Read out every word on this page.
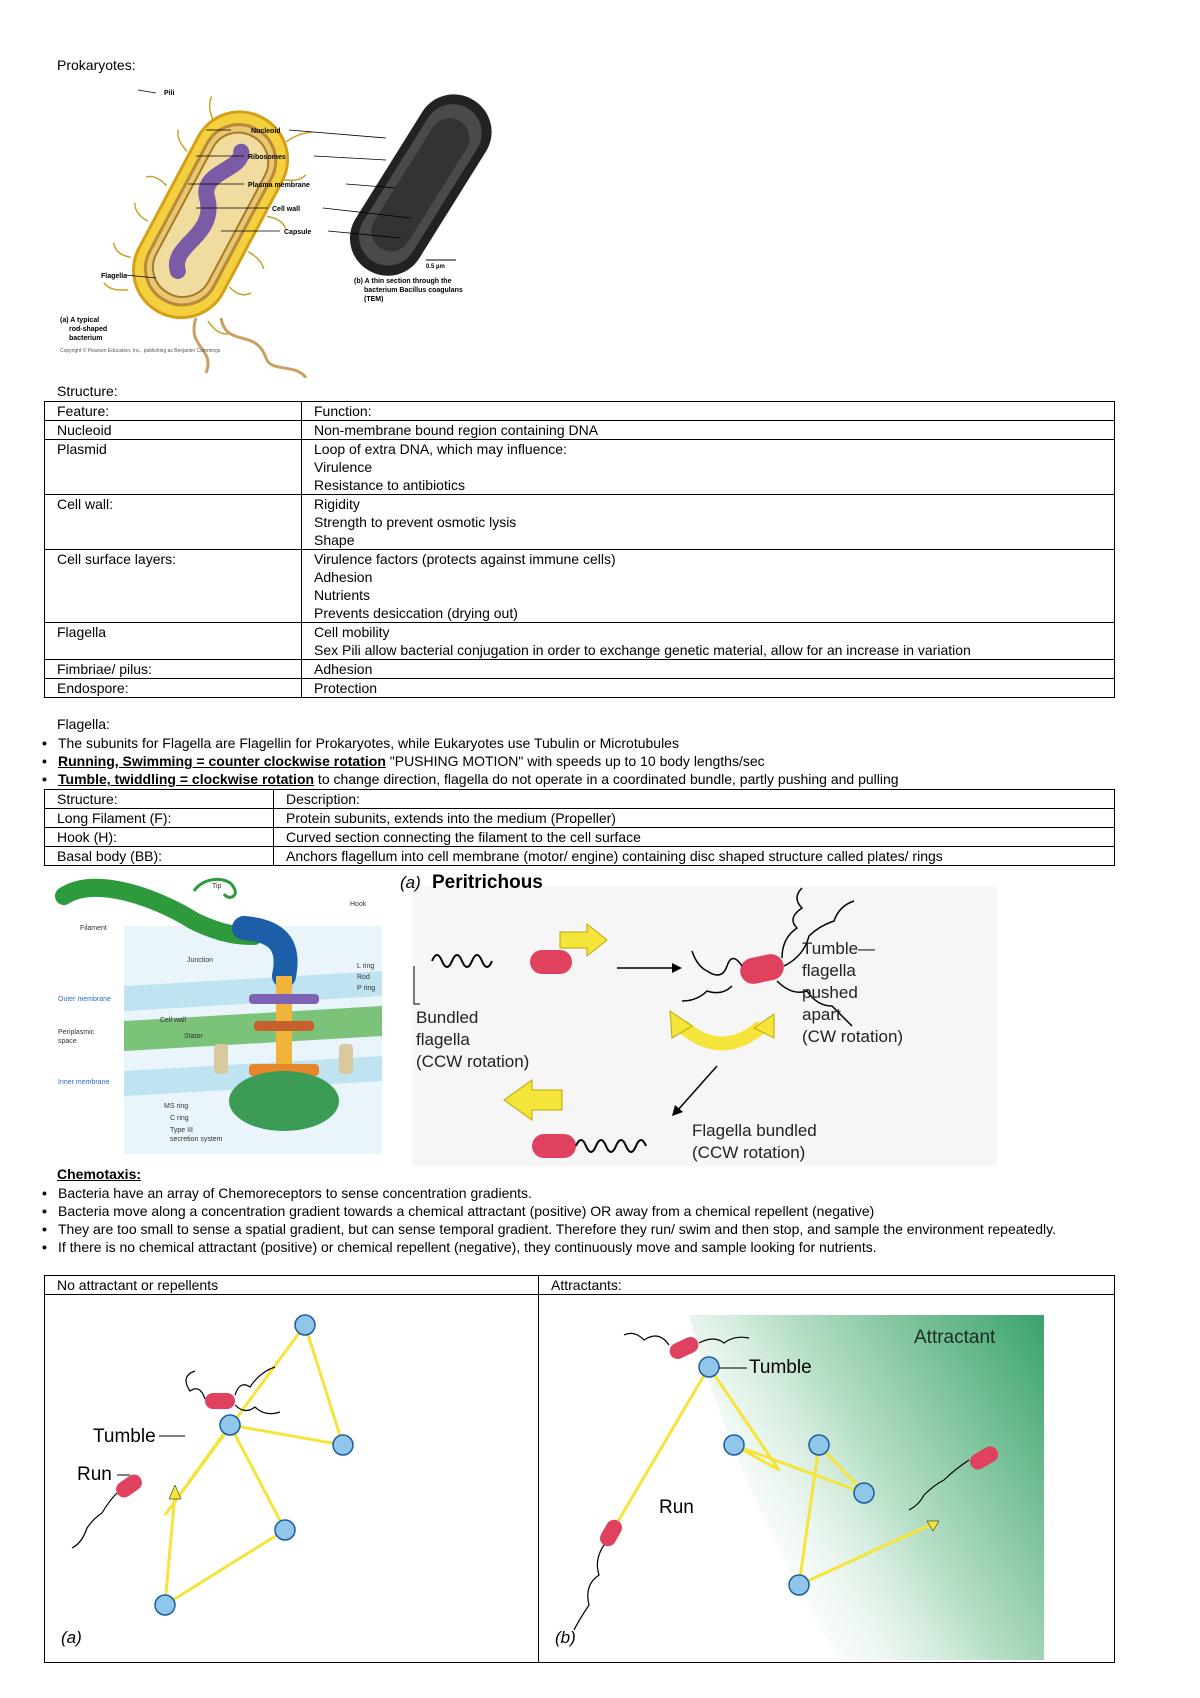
Prokaryotes:
Pili
Nucleoid
Ribosomes
Plasma membrane
Cell wall
Capsule
Flagella
(a) A typical
rod-shaped
bacterium
(b) A thin section through the
bacterium Bacillus coagulans
(TEM)
0.5 µm
Copyright © Pearson Education, Inc., publishing as Benjamin Cummings
Structure:
Feature:	Function:
Nucleoid	Non-membrane bound region containing DNA

Plasmid	Loop of extra DNA, which may influence:
Virulence
Resistance to antibiotics

Cell wall:	Rigidity
Strength to prevent osmotic lysis
Shape

Cell surface layers:	Virulence factors (protects against immune cells)
Adhesion
Nutrients
Prevents desiccation (drying out)

Flagella	Cell mobility
Sex Pili allow bacterial conjugation in order to exchange genetic material, allow for an increase in variation

Fimbriae/ pilus:	Adhesion

Endospore:	Protection
Flagella:
• The subunits for Flagella are Flagellin for Prokaryotes, while Eukaryotes use Tubulin or Microtubules
• Running, Swimming = counter clockwise rotation "PUSHING MOTION" with speeds up to 10 body lengths/sec
• Tumble, twiddling = clockwise rotation to change direction, flagella do not operate in a coordinated bundle, partly pushing and pulling
Structure:	Description:
Long Filament (F):	Protein subunits, extends into the medium (Propeller)
Hook (H):	Curved section connecting the filament to the cell surface
Basal body (BB):	Anchors flagellum into cell membrane (motor/ engine) containing disc shaped structure called plates/ rings
Tip
Filament
Hook
Junction
L ring
Rod
P ring
Outer membrane
Cell wall
Stator
Periplasmic
space
Inner membrane
MS ring
C ring
Type III
secretion system
(a) Peritrichous
Tumble—
flagella
pushed
apart
(CW rotation)
Bundled
flagella
(CCW rotation)
Flagella bundled
(CCW rotation)
Chemotaxis:
• Bacteria have an array of Chemoreceptors to sense concentration gradients.
• Bacteria move along a concentration gradient towards a chemical attractant (positive) OR away from a chemical repellent (negative)
• They are too small to sense a spatial gradient, but can sense temporal gradient. Therefore they run/ swim and then stop, and sample the environment repeatedly.
• If there is no chemical attractant (positive) or chemical repellent (negative), they continuously move and sample looking for nutrients.
No attractant or repellents	Attractants:

Tumble
Run
(a)	Attractant
Tumble
Run
(b)
